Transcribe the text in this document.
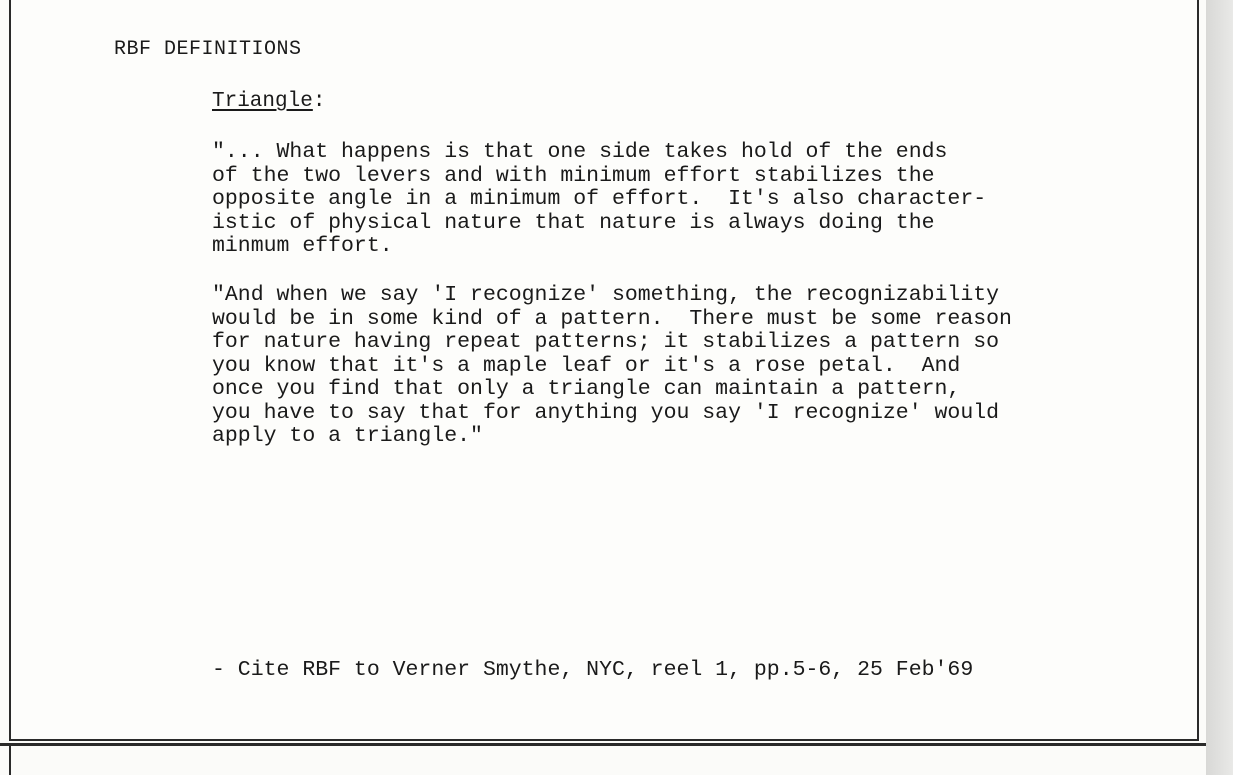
RBF DEFINITIONS
Triangle:

"... What happens is that one side takes hold of the ends
of the two levers and with minimum effort stabilizes the
opposite angle in a minimum of effort.  It's also character-
istic of physical nature that nature is always doing the
minmum effort.

"And when we say 'I recognize' something, the recognizability
would be in some kind of a pattern.  There must be some reason
for nature having repeat patterns; it stabilizes a pattern so
you know that it's a maple leaf or it's a rose petal.  And
once you find that only a triangle can maintain a pattern,
you have to say that for anything you say 'I recognize' would
apply to a triangle."

- Cite RBF to Verner Smythe, NYC, reel 1, pp.5-6, 25 Feb'69
